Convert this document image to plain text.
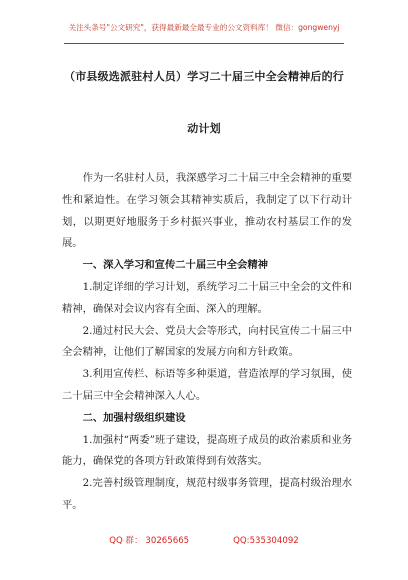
关注头条号"公文研究"，获得最新最全最专业的公文资料库！ 微信：gongwenyj
（市县级选派驻村人员）学习二十届三中全会精神后的行
动计划

作为一名驻村人员，我深感学习二十届三中全会精神的重要性和紧迫性。在学习领会其精神实质后，我制定了以下行动计划，以期更好地服务于乡村振兴事业，推动农村基层工作的发展。

一、深入学习和宣传二十届三中全会精神

1.制定详细的学习计划，系统学习二十届三中全会的文件和精神，确保对会议内容有全面、深入的理解。

2.通过村民大会、党员大会等形式，向村民宣传二十届三中全会精神，让他们了解国家的发展方向和方针政策。

3.利用宣传栏、标语等多种渠道，营造浓厚的学习氛围，使二十届三中全会精神深入人心。

二、加强村级组织建设

1.加强村“两委”班子建设，提高班子成员的政治素质和业务能力，确保党的各项方针政策得到有效落实。

2.完善村级管理制度，规范村级事务管理，提高村级治理水平。

QQ 群： 30265665	QQ:535304092
